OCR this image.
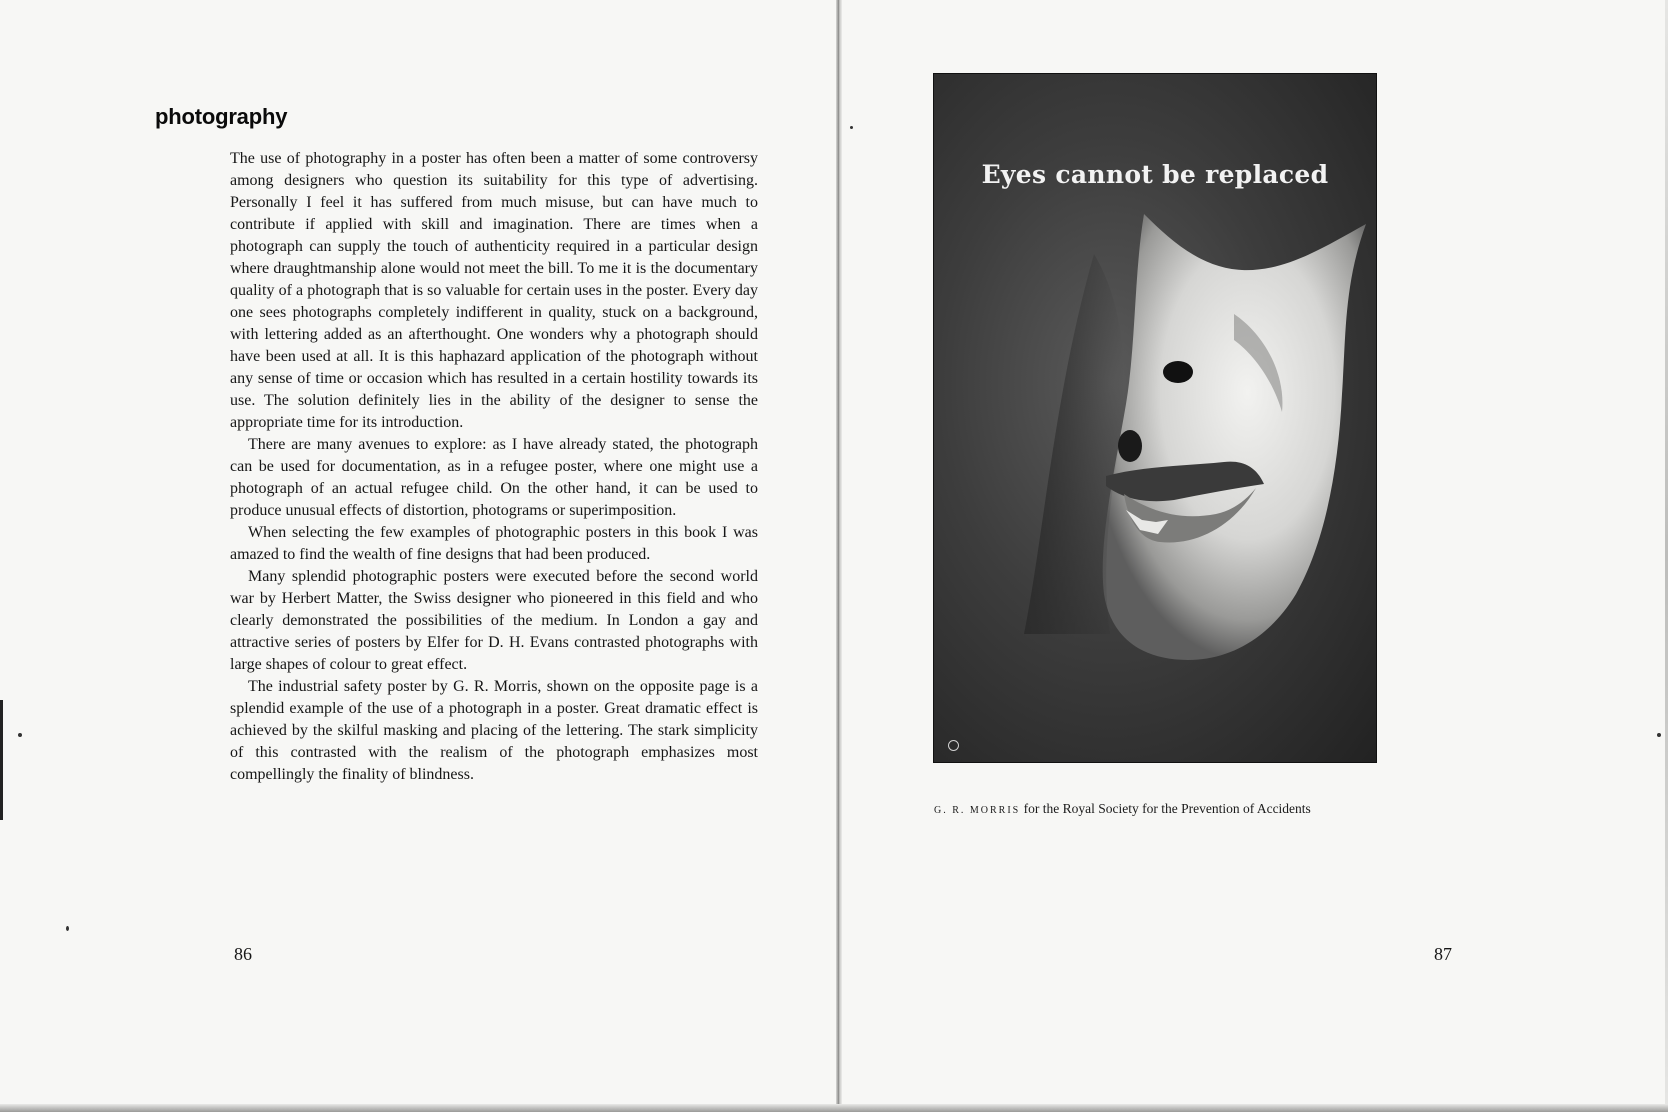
photography

The use of photography in a poster has often been a matter of some controversy among designers who question its suitability for this type of advertising. Personally I feel it has suffered from much misuse, but can have much to contribute if applied with skill and imagination. There are times when a photograph can supply the touch of authenticity required in a particular design where draughtmanship alone would not meet the bill. To me it is the documentary quality of a photograph that is so valuable for certain uses in the poster. Every day one sees photographs completely indifferent in quality, stuck on a background, with lettering added as an afterthought. One wonders why a photograph should have been used at all. It is this haphazard application of the photograph without any sense of time or occasion which has resulted in a certain hostility towards its use. The solution definitely lies in the ability of the designer to sense the appropriate time for its introduction.

There are many avenues to explore: as I have already stated, the photograph can be used for documentation, as in a refugee poster, where one might use a photograph of an actual refugee child. On the other hand, it can be used to produce unusual effects of distortion, photograms or superimposition.

When selecting the few examples of photographic posters in this book I was amazed to find the wealth of fine designs that had been produced.

Many splendid photographic posters were executed before the second world war by Herbert Matter, the Swiss designer who pioneered in this field and who clearly demonstrated the possibilities of the medium. In London a gay and attractive series of posters by Elfer for D. H. Evans contrasted photographs with large shapes of colour to great effect.

The industrial safety poster by G. R. Morris, shown on the opposite page is a splendid example of the use of a photograph in a poster. Great dramatic effect is achieved by the skilful masking and placing of the lettering. The stark simplicity of this contrasted with the realism of the photograph emphasizes most compellingly the finality of blindness.

86
Eyes cannot be replaced
G. R. MORRIS for the Royal Society for the Prevention of Accidents
87
